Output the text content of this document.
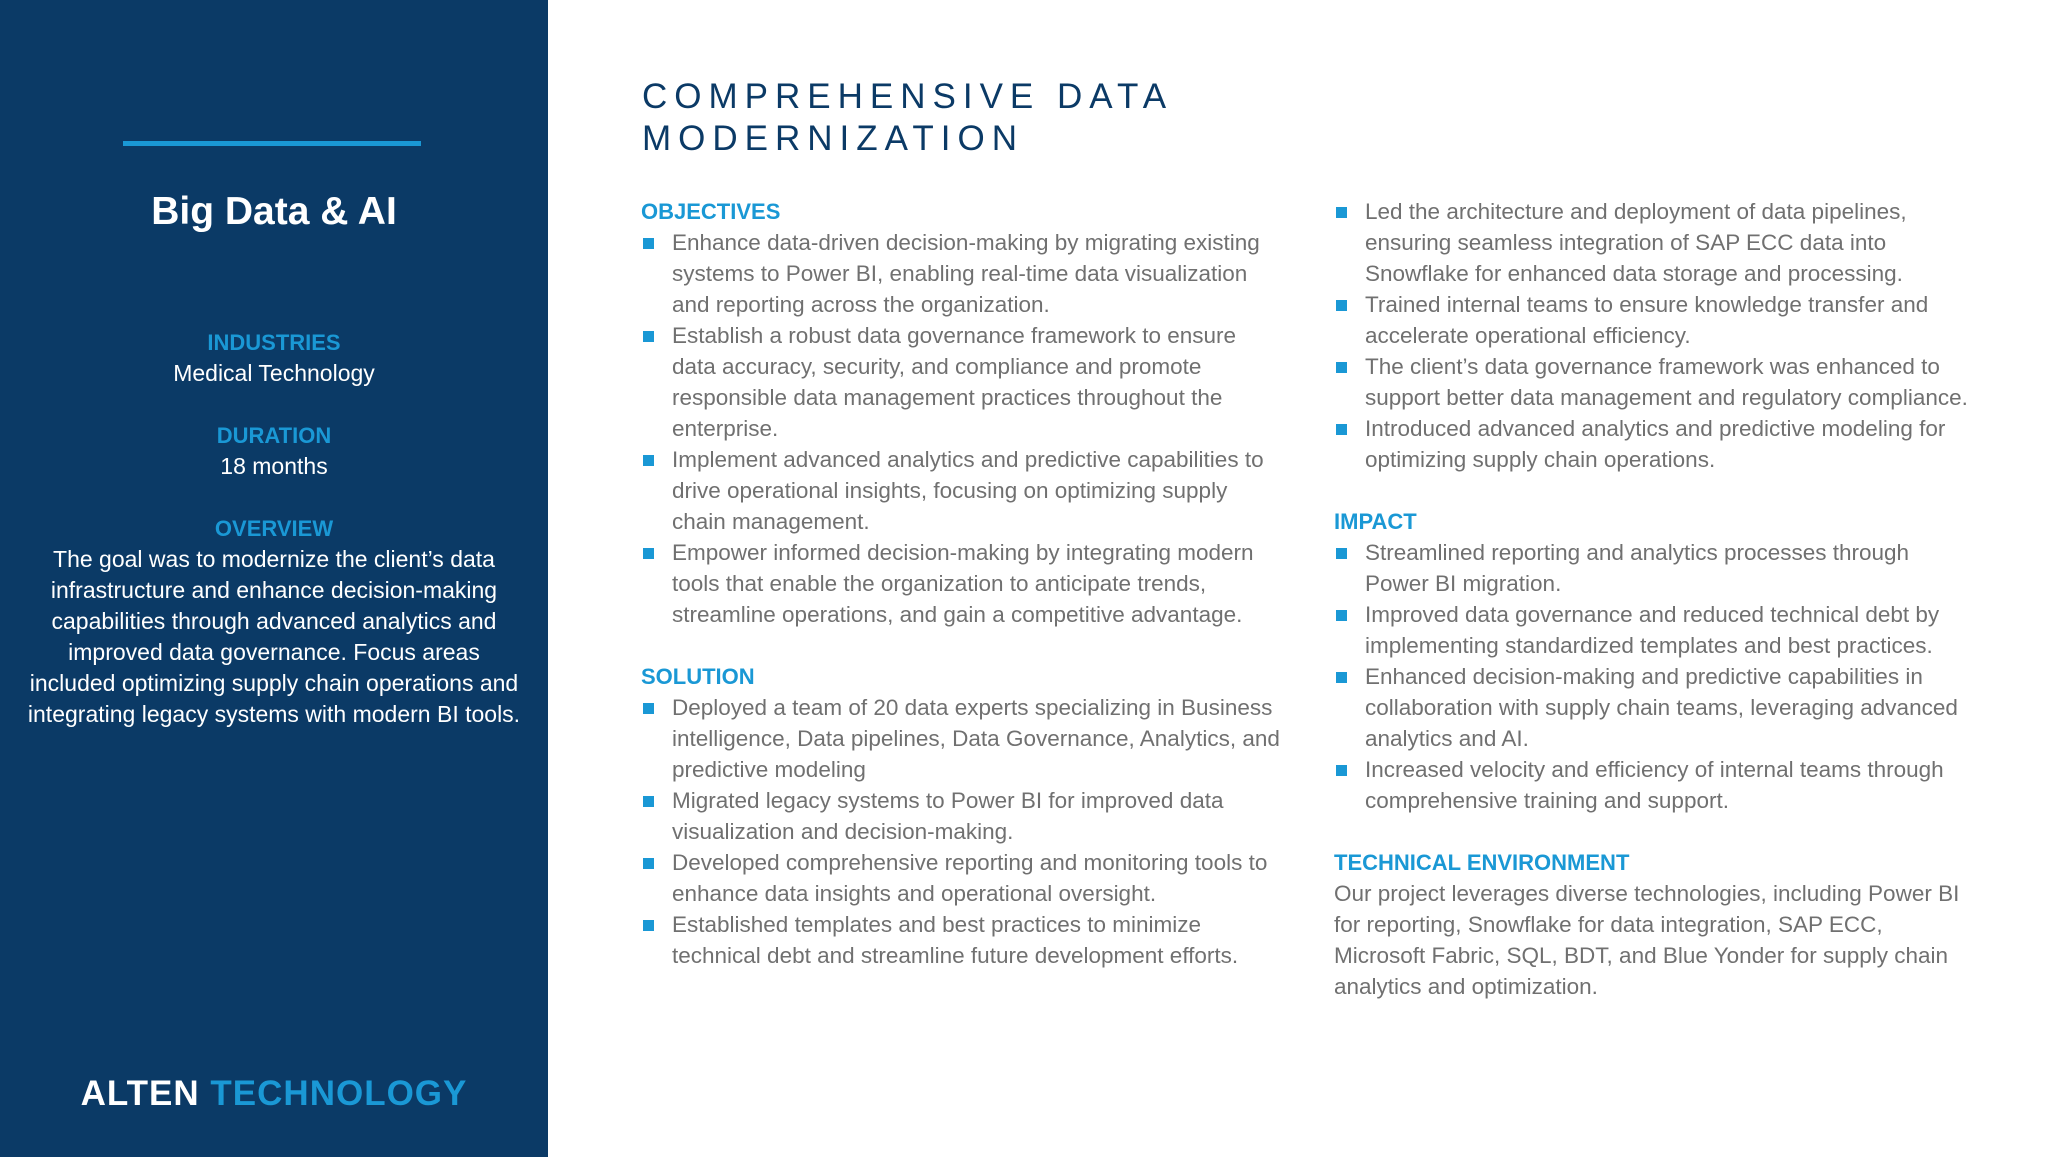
Big Data & AI
INDUSTRIES
Medical Technology
DURATION
18 months
OVERVIEW
The goal was to modernize the client’s data infrastructure and enhance decision-making capabilities through advanced analytics and improved data governance. Focus areas included optimizing supply chain operations and integrating legacy systems with modern BI tools.
ALTEN TECHNOLOGY
COMPREHENSIVE DATA MODERNIZATION
OBJECTIVES
Enhance data-driven decision-making by migrating existing systems to Power BI, enabling real-time data visualization and reporting across the organization.
Establish a robust data governance framework to ensure data accuracy, security, and compliance and promote responsible data management practices throughout the enterprise.
Implement advanced analytics and predictive capabilities to drive operational insights, focusing on optimizing supply chain management.
Empower informed decision-making by integrating modern tools that enable the organization to anticipate trends, streamline operations, and gain a competitive advantage.
SOLUTION
Deployed a team of 20 data experts specializing in Business intelligence, Data pipelines, Data Governance, Analytics, and predictive modeling
Migrated legacy systems to Power BI for improved data visualization and decision-making.
Developed comprehensive reporting and monitoring tools to enhance data insights and operational oversight.
Established templates and best practices to minimize technical debt and streamline future development efforts.
Led the architecture and deployment of data pipelines, ensuring seamless integration of SAP ECC data into Snowflake for enhanced data storage and processing.
Trained internal teams to ensure knowledge transfer and accelerate operational efficiency.
The client’s data governance framework was enhanced to support better data management and regulatory compliance.
Introduced advanced analytics and predictive modeling for optimizing supply chain operations.
IMPACT
Streamlined reporting and analytics processes through Power BI migration.
Improved data governance and reduced technical debt by implementing standardized templates and best practices.
Enhanced decision-making and predictive capabilities in collaboration with supply chain teams, leveraging advanced analytics and AI.
Increased velocity and efficiency of internal teams through comprehensive training and support.
TECHNICAL ENVIRONMENT
Our project leverages diverse technologies, including Power BI for reporting, Snowflake for data integration, SAP ECC, Microsoft Fabric, SQL, BDT, and Blue Yonder for supply chain analytics and optimization.
